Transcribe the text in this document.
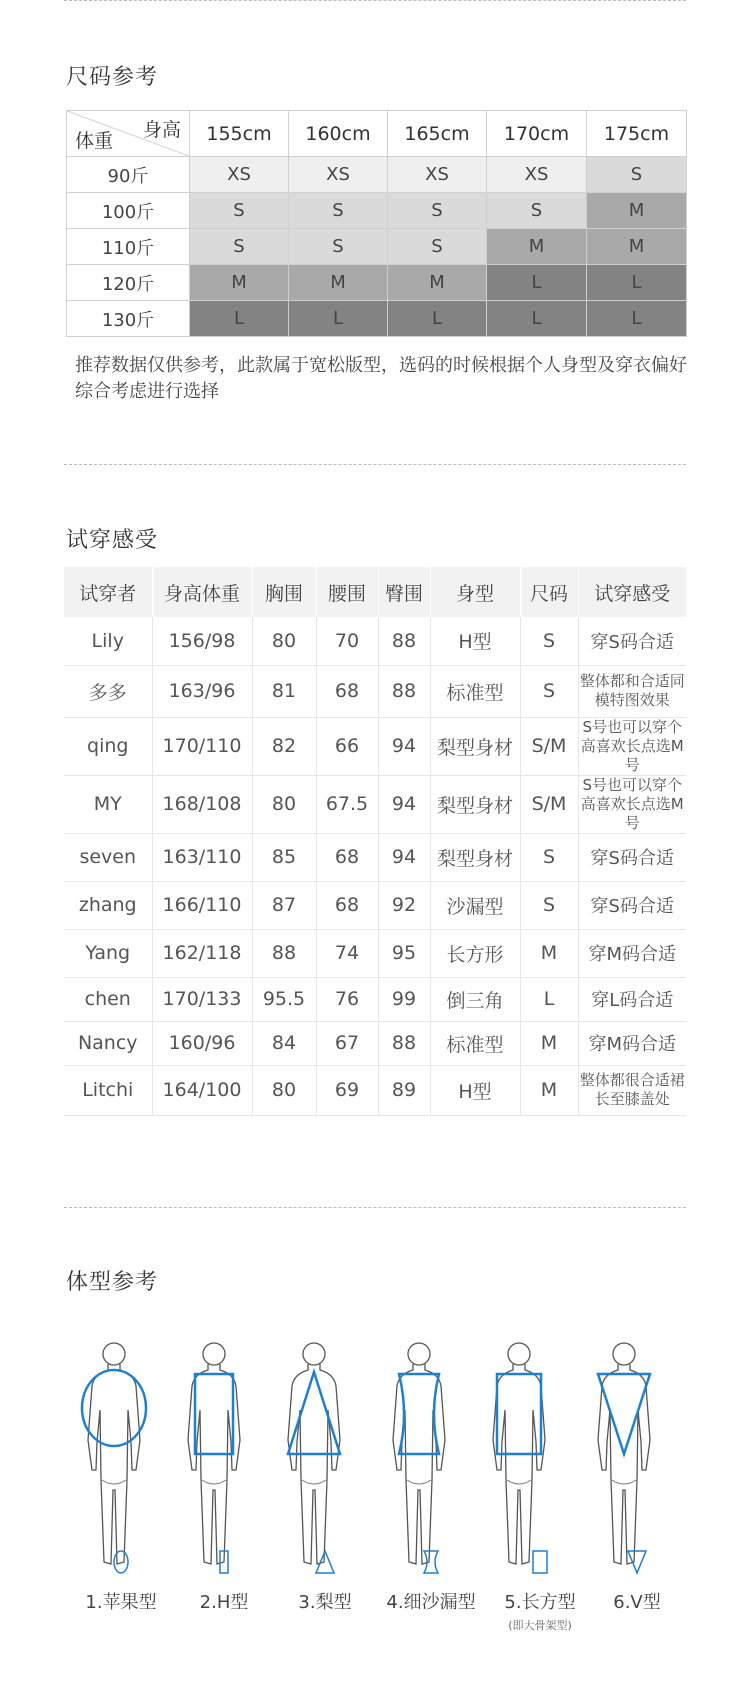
尺码参考
身高
体重	155cm	160cm	165cm	170cm	175cm
90斤	XS	XS	XS	XS	S
100斤	S	S	S	S	M
110斤	S	S	S	M	M
120斤	M	M	M	L	L
130斤	L	L	L	L	L
推荐数据仅供参考，此款属于宽松版型，选码的时候根据个人身型及穿衣偏好综合考虑进行选择
试穿感受
试穿者	身高体重	胸围	腰围	臀围	身型	尺码	试穿感受
Lily	156/98	80	70	88	H型	S	穿S码合适
多多	163/96	81	68	88	标准型	S	整体都和合适同模特图效果
qing	170/110	82	66	94	梨型身材	S/M	S号也可以穿个高喜欢长点选M号
MY	168/108	80	67.5	94	梨型身材	S/M	S号也可以穿个高喜欢长点选M号
seven	163/110	85	68	94	梨型身材	S	穿S码合适
zhang	166/110	87	68	92	沙漏型	S	穿S码合适
Yang	162/118	88	74	95	长方形	M	穿M码合适
chen	170/133	95.5	76	99	倒三角	L	穿L码合适
Nancy	160/96	84	67	88	标准型	M	穿M码合适
Litchi	164/100	80	69	89	H型	M	整体都很合适裙长至膝盖处
体型参考
1.苹果型	2.H型	3.梨型	4.细沙漏型	5.长方型
(即大骨架型)
6.V型
